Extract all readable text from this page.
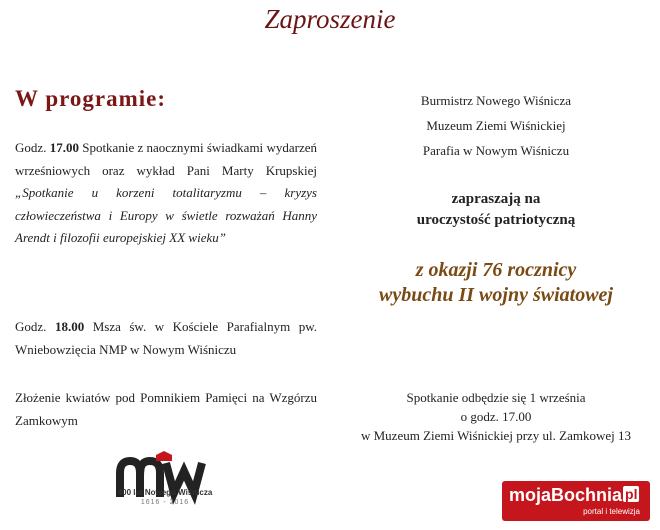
Zaproszenie
W programie:
Godz. 17.00 Spotkanie z naocznymi świadkami wydarzeń wrześniowych oraz wykład Pani Marty Krupskiej „Spotkanie u korzeni totalitaryzmu – kryzys człowieczeństwa i Europy w świetle rozważań Hanny Arendt i filozofii europejskiej XX wieku”
Godz. 18.00 Msza św. w Kościele Parafialnym pw. Wniebowzięcia NMP w Nowym Wiśniczu
Złożenie kwiatów pod Pomnikiem Pamięci na Wzgórzu Zamkowym
Burmistrz Nowego Wiśnicza
Muzeum Ziemi Wiśnickiej
Parafia w Nowym Wiśniczu
zapraszają na
uroczystość patriotyczną
z okazji 76 rocznicy
wybuchu II wojny światowej
Spotkanie odbędzie się 1 września
o godz. 17.00
w Muzeum Ziemi Wiśnickiej przy ul. Zamkowej 13
400 lat Nowego Wiśnicza
1616 - 2016	mojaBochnia pl
portal i telewizja
